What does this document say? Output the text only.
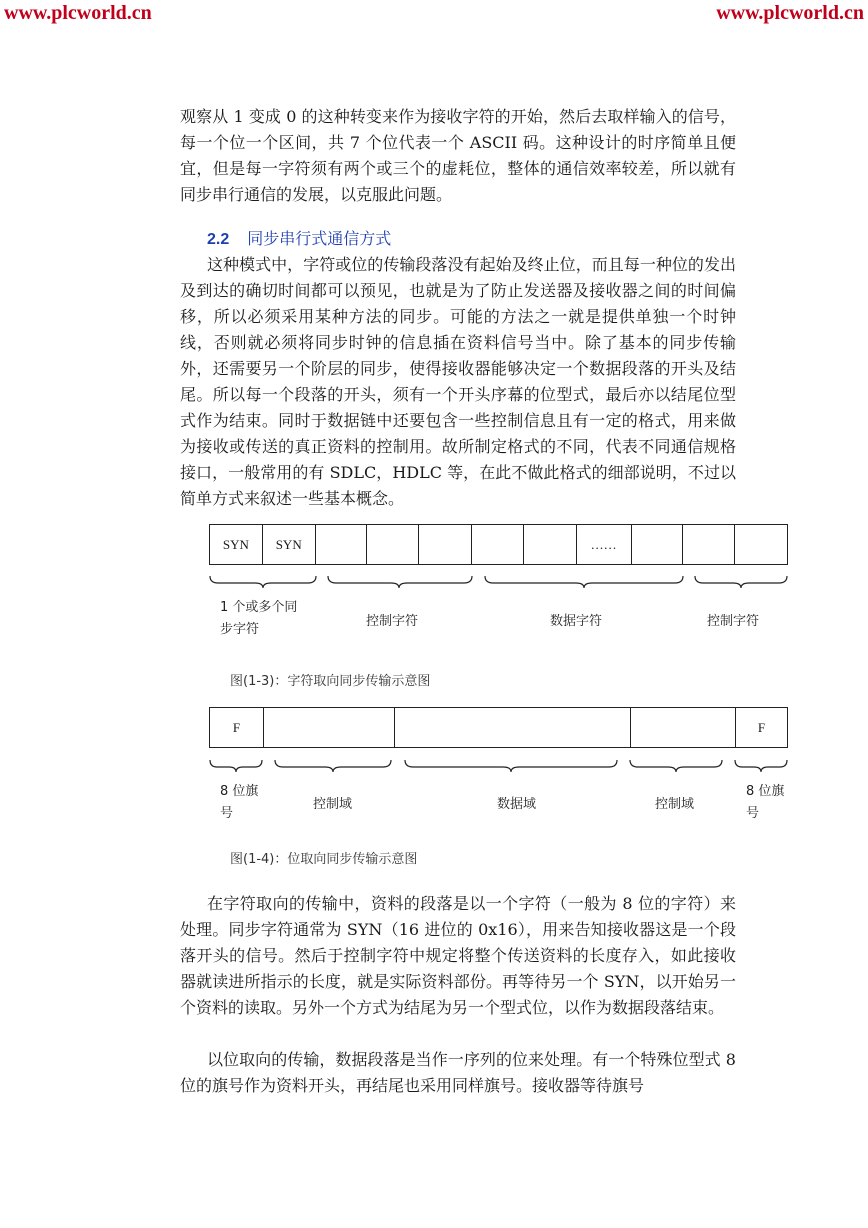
www.plcworld.cn	www.plcworld.cn

观察从 1 变成 0 的这种转变来作为接收字符的开始，然后去取样输入的信号，每一个位一个区间，共 7 个位代表一个 ASCII 码。这种设计的时序简单且便宜，但是每一字符须有两个或三个的虚耗位，整体的通信效率较差，所以就有同步串行通信的发展，以克服此问题。

2.2 同步串行式通信方式

这种模式中，字符或位的传输段落没有起始及终止位，而且每一种位的发出及到达的确切时间都可以预见，也就是为了防止发送器及接收器之间的时间偏移，所以必须采用某种方法的同步。可能的方法之一就是提供单独一个时钟线，否则就必须将同步时钟的信息插在资料信号当中。除了基本的同步传输外，还需要另一个阶层的同步，使得接收器能够决定一个数据段落的开头及结尾。所以每一个段落的开头，须有一个开头序幕的位型式，最后亦以结尾位型式作为结束。同时于数据链中还要包含一些控制信息且有一定的格式，用来做为接收或传送的真正资料的控制用。故所制定格式的不同，代表不同通信规格接口，一般常用的有 SDLC，HDLC 等，在此不做此格式的细部说明，不过以简单方式来叙述一些基本概念。

SYN	SYN	……
1 个或多个同
步字符
控制字符	数据字符	控制字符
图(1-3)：字符取向同步传输示意图
F	F
8 位旗
号
控制域	数据域	控制域
8 位旗
号
图(1-4)：位取向同步传输示意图

在字符取向的传输中，资料的段落是以一个字符（一般为 8 位的字符）来处理。同步字符通常为 SYN（16 进位的 0x16），用来告知接收器这是一个段落开头的信号。然后于控制字符中规定将整个传送资料的长度存入，如此接收器就读进所指示的长度，就是实际资料部份。再等待另一个 SYN，以开始另一个资料的读取。另外一个方式为结尾为另一个型式位，以作为数据段落结束。

以位取向的传输，数据段落是当作一序列的位来处理。有一个特殊位型式 8 位的旗号作为资料开头，再结尾也采用同样旗号。接收器等待旗号
